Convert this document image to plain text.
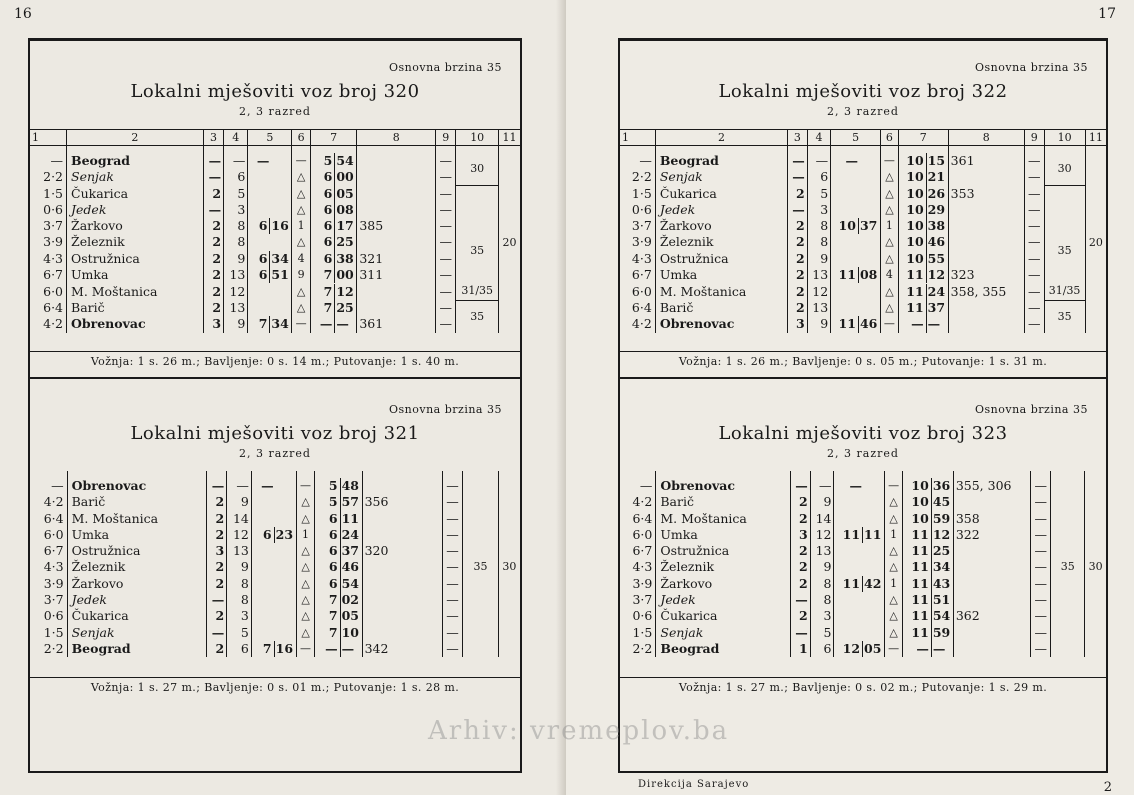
16
Osnovna brzina 35
Lokalni mješoviti voz broj 320
2, 3 razred
1	2	3	4	5	6	7	8	9	10	11

—	Beograd	—	—	—	—	5 54		—	30	20
2·2	Senjak	—	6		△	6 00		—		
1·5	Čukarica	2	5		△	6 05		—		
0·6	Jedek	—	3		△	6 08		—		
3·7	Žarkovo	2	8	6 16	1	6 17	385	—	35	
3·9	Železnik	2	8		△	6 25		—		
4·3	Ostružnica	2	9	6 34	4	6 38	321	—		
6·7	Umka	2	13	6 51	9	7 00	311	—		
6·0	M. Moštanica	2	12		△	7 12		—	31/35	
6·4	Barič	2	13		△	7 25		—	35	
4·2	Obrenovac	3	9	7 34	—	— —	361	—		
Vožnja: 1 s. 26 m.; Bavljenje: 0 s. 14 m.; Putovanje: 1 s. 40 m.
Osnovna brzina 35
Lokalni mješoviti voz broj 321
2, 3 razred

—	Obrenovac	—	—	—	—	5 48		—	35	30
4·2	Barič	2	9		△	5 57	356	—		
6·4	M. Moštanica	2	14		△	6 11		—		
6·0	Umka	2	12	6 23	1	6 24		—		
6·7	Ostružnica	3	13		△	6 37	320	—		
4·3	Železnik	2	9		△	6 46		—		
3·9	Žarkovo	2	8		△	6 54		—		
3·7	Jedek	—	8		△	7 02		—		
0·6	Čukarica	2	3		△	7 05		—		
1·5	Senjak	—	5		△	7 10		—		
2·2	Beograd	2	6	7 16	—	— —	342	—		
Vožnja: 1 s. 27 m.; Bavljenje: 0 s. 01 m.; Putovanje: 1 s. 28 m.
17
Osnovna brzina 35
Lokalni mješoviti voz broj 322
2, 3 razred
1	2	3	4	5	6	7	8	9	10	11

—	Beograd	—	—	—	—	10 15	361	—	30	20
2·2	Senjak	—	6		△	10 21		—		
1·5	Čukarica	2	5		△	10 26	353	—		
0·6	Jedek	—	3		△	10 29		—		
3·7	Žarkovo	2	8	10 37	1	10 38		—	35	
3·9	Železnik	2	8		△	10 46		—		
4·3	Ostružnica	2	9		△	10 55		—		
6·7	Umka	2	13	11 08	4	11 12	323	—		
6·0	M. Moštanica	2	12		△	11 24	358, 355	—	31/35	
6·4	Barič	2	13		△	11 37		—	35	
4·2	Obrenovac	3	9	11 46	—	— —		—		
Vožnja: 1 s. 26 m.; Bavljenje: 0 s. 05 m.; Putovanje: 1 s. 31 m.
Osnovna brzina 35
Lokalni mješoviti voz broj 323
2, 3 razred

—	Obrenovac	—	—	—	—	10 36	355, 306	—	35	30
4·2	Barič	2	9		△	10 45		—		
6·4	M. Moštanica	2	14		△	10 59	358	—		
6·0	Umka	3	12	11 11	1	11 12	322	—		
6·7	Ostružnica	2	13		△	11 25		—		
4·3	Železnik	2	9		△	11 34		—		
3·9	Žarkovo	2	8	11 42	1	11 43		—		
3·7	Jedek	—	8		△	11 51		—		
0·6	Čukarica	2	3		△	11 54	362	—		
1·5	Senjak	—	5		△	11 59		—		
2·2	Beograd	1	6	12 05	—	— —		—		
Vožnja: 1 s. 27 m.; Bavljenje: 0 s. 02 m.; Putovanje: 1 s. 29 m.
Arhiv: vremeplov.ba
Direkcija Sarajevo	2
